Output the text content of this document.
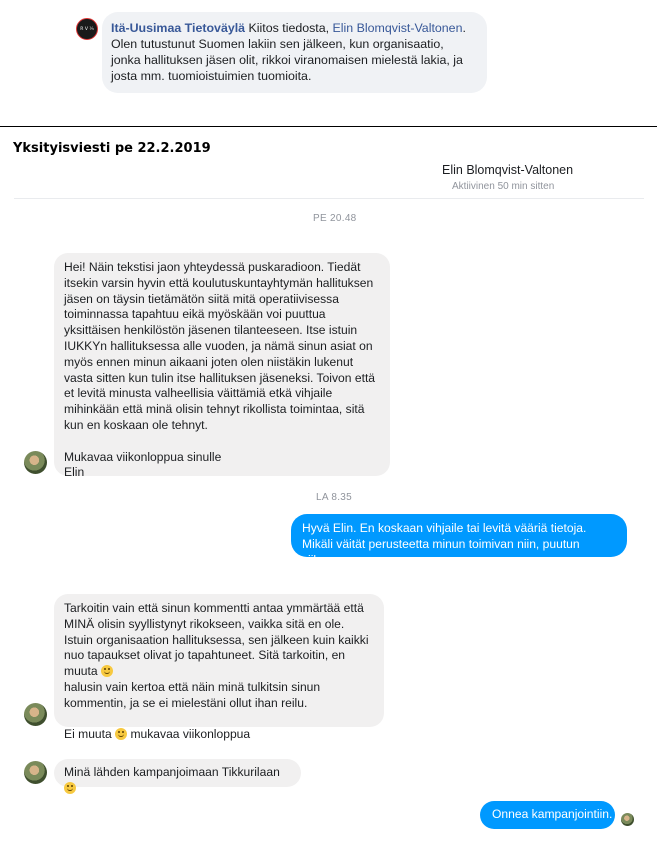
R V ⅓	Itä-Uusimaa Tietoväylä Kiitos tiedosta, Elin Blomqvist-Valtonen. Olen tutustunut Suomen lakiin sen jälkeen, kun organisaatio, jonka hallituksen jäsen olit, rikkoi viranomaisen mielestä lakia, ja josta mm. tuomioistuimien tuomioita.
Yksityisviesti pe 22.2.2019
Elin Blomqvist-Valtonen
Aktiivinen 50 min sitten
PE 20.48
Hei! Näin tekstisi jaon yhteydessä puskaradioon. Tiedät itsekin varsin hyvin että koulutuskuntayhtymän hallituksen jäsen on täysin tietämätön siitä mitä operatiivisessa toiminnassa tapahtuu eikä myöskään voi puuttua yksittäisen henkilöstön jäsenen tilanteeseen. Itse istuin IUKKYn hallituksessa alle vuoden, ja nämä sinun asiat on myös ennen minun aikaani joten olen niistäkin lukenut vasta sitten kun tulin itse hallituksen jäseneksi. Toivon että et levitä minusta valheellisia väittämiä etkä vihjaile mihinkään että minä olisin tehnyt rikollista toimintaa, sitä kun en koskaan ole tehnyt.

Mukavaa viikonloppua sinulle
Elin
LA 8.35
Hyvä Elin. En koskaan vihjaile tai levitä vääriä tietoja. Mikäli väität perusteetta minun toimivan niin, puutun siihen.
Tarkoitin vain että sinun kommentti antaa ymmärtää että MINÄ olisin syyllistynyt rikokseen, vaikka sitä en ole. Istuin organisaation hallituksessa, sen jälkeen kuin kaikki nuo tapaukset olivat jo tapahtuneet. Sitä tarkoitin, en muuta
halusin vain kertoa että näin minä tulkitsin sinun kommentin, ja se ei mielestäni ollut ihan reilu.

Ei muuta  mukavaa viikonloppua
Minä lähden kampanjoimaan Tikkurilaan
Onnea kampanjointiin.
